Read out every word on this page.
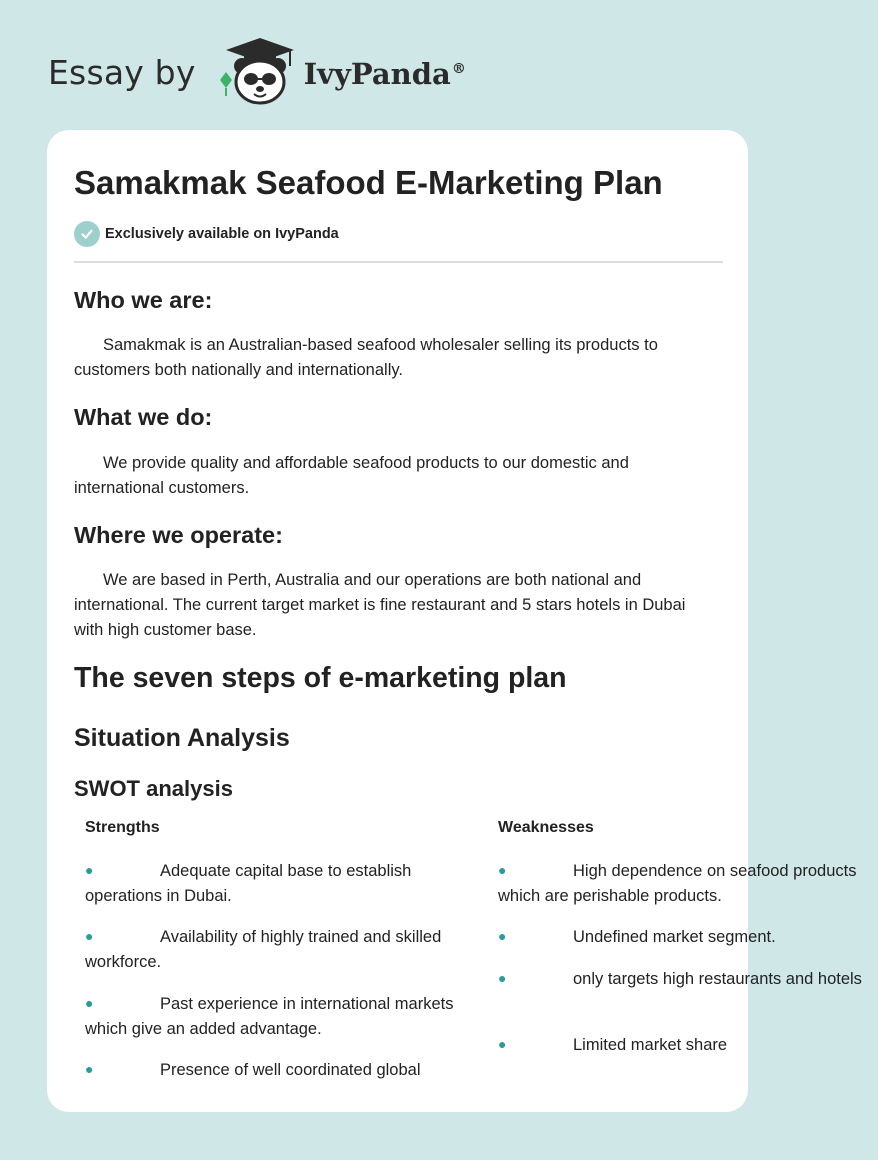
Essay by	IvyPanda®
Samakmak Seafood E-Marketing Plan
Exclusively available on IvyPanda
Who we are:

Samakmak is an Australian-based seafood wholesaler selling its products to customers both nationally and internationally.

What we do:

We provide quality and affordable seafood products to our domestic and international customers.

Where we operate:

We are based in Perth, Australia and our operations are both national and international. The current target market is fine restaurant and 5 stars hotels in Dubai with high customer base.

The seven steps of e-marketing plan
Situation Analysis
SWOT analysis

Strengths

●	Adequate capital base to establish operations in Dubai.

●	Availability of highly trained and skilled workforce.

●	Past experience in international markets which give an added advantage.

●	Presence of well coordinated global

Weaknesses

●	High dependence on seafood products which are perishable products.

●	Undefined market segment.

●	only targets high restaurants and hotels

●	Limited market share
